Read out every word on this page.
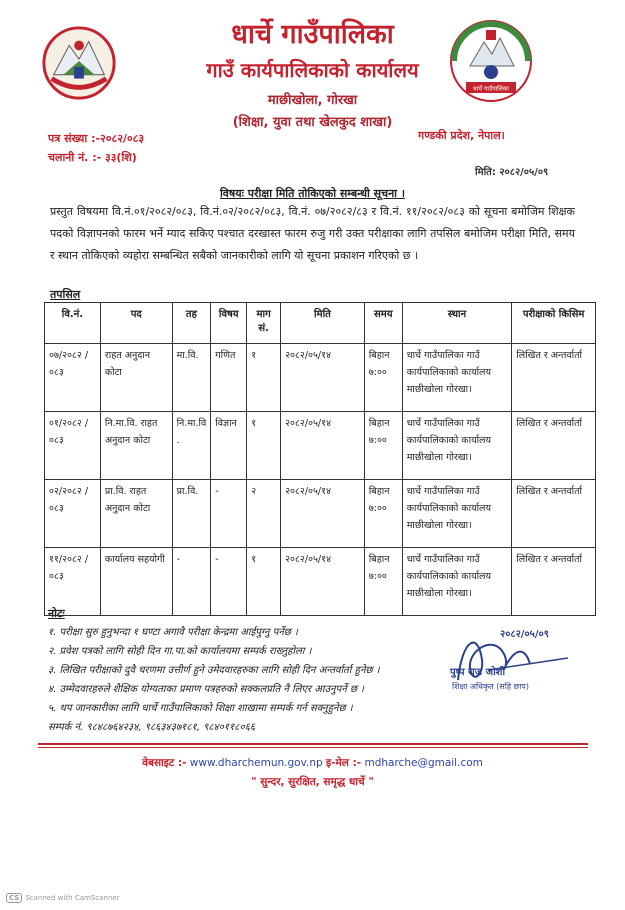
धार्चे गाउँपालिका
धार्चे गाउँपालिका
गाउँ कार्यपालिकाको कार्यालय
माछीखोला, गोरखा
(शिक्षा, युवा तथा खेलकुद शाखा)
पत्र संख्या :-२०८२/०८३
चलानी नं. :- ३३(शि)
गण्डकी प्रदेश, नेपाल।
मिति: २०८२/०५/०९
विषयः परीक्षा मिति तोकिएको सम्बन्धी सूचना ।
प्रस्तुत विषयमा वि.नं.०१/२०८२/०८३, वि.नं.०२/२०८२/०८३, वि.नं. ०७/२०८२/८३ र वि.नं. ११/२०८२/०८३ को सूचना बमोजिम शिक्षक पदको विज्ञापनको फारम भर्ने म्याद सकिए पश्चात दरखास्त फारम रुजु गरी उक्त परीक्षाका लागि तपसिल बमोजिम परीक्षा मिति, समय र स्थान तोकिएको व्यहोरा सम्बन्धित सबैको जानकारीको लागि यो सूचना प्रकाशन गरिएको छ ।
तपसिल
वि.नं.	पद	तह	विषय	माग सं.	मिति	समय	स्थान	परीक्षाको किसिम
०७/२०८२ /०८३	राहत अनुदान कोटा	मा.वि.	गणित	१	२०८२/०५/१४	बिहान ७:००	धार्चे गाउँपालिका गाउँ कार्यपालिकाको कार्यालय माछीखोला गोरखा।	लिखित र अन्तर्वार्ता
०१/२०८२ /०८३	नि.मा.वि. राहत अनुदान कोटा	नि.मा.वि .	विज्ञान	१	२०८२/०५/१४	बिहान ७:००	धार्चे गाउँपालिका गाउँ कार्यपालिकाको कार्यालय माछीखोला गोरखा।	लिखित र अन्तर्वार्ता
०२/२०८२ /०८३	प्रा.वि. राहत अनुदान कोटा	प्रा.वि.	-	२	२०८२/०५/१४	बिहान ७:००	धार्चे गाउँपालिका गाउँ कार्यपालिकाको कार्यालय माछीखोला गोरखा।	लिखित र अन्तर्वार्ता
११/२०८२ /०८३	कार्यालय सहयोगी	-	-	१	२०८२/०५/१४	बिहान ७:००	धार्चे गाउँपालिका गाउँ कार्यपालिकाको कार्यालय माछीखोला गोरखा।	लिखित र अन्तर्वार्ता
नोटः
१. परीक्षा सुरु हुनुभन्दा १ घण्टा अगावै परीक्षा केन्द्रमा आईपुग्नु पर्नेछ ।
२. प्रवेश पत्रको लागि सोही दिन गा.पा.को कार्यालयमा सम्पर्क राख्नुहोला ।
३. लिखित परीक्षाको दुवै चरणमा उत्तीर्ण हुने उमेदवारहरुका लागि सोही दिन अन्तर्वार्ता हुनेछ ।
४. उम्मेदवारहरुले शैक्षिक योग्यताका प्रमाण पत्रहरुको सक्कलप्रति नै लिएर आउनुपर्ने छ ।
५. थप जानकारीका लागि धार्चे गाउँपालिकाको शिक्षा शाखामा सम्पर्क गर्न सक्नुहुनेछ ।
सम्पर्क नं. ९८४८७६४२३४, ९८६३४३७१८१, ९८४०११८०६६
२०८२/०५/०९
पुष्प राज जोशी
शिक्षा अधिकृत (सहि छाप)
वेबसाइट :- www.dharchemun.gov.np इ-मेल :- mdharche@gmail.com
" सुन्दर, सुरक्षित, समृद्ध धार्चे "
CS Scanned with CamScanner
